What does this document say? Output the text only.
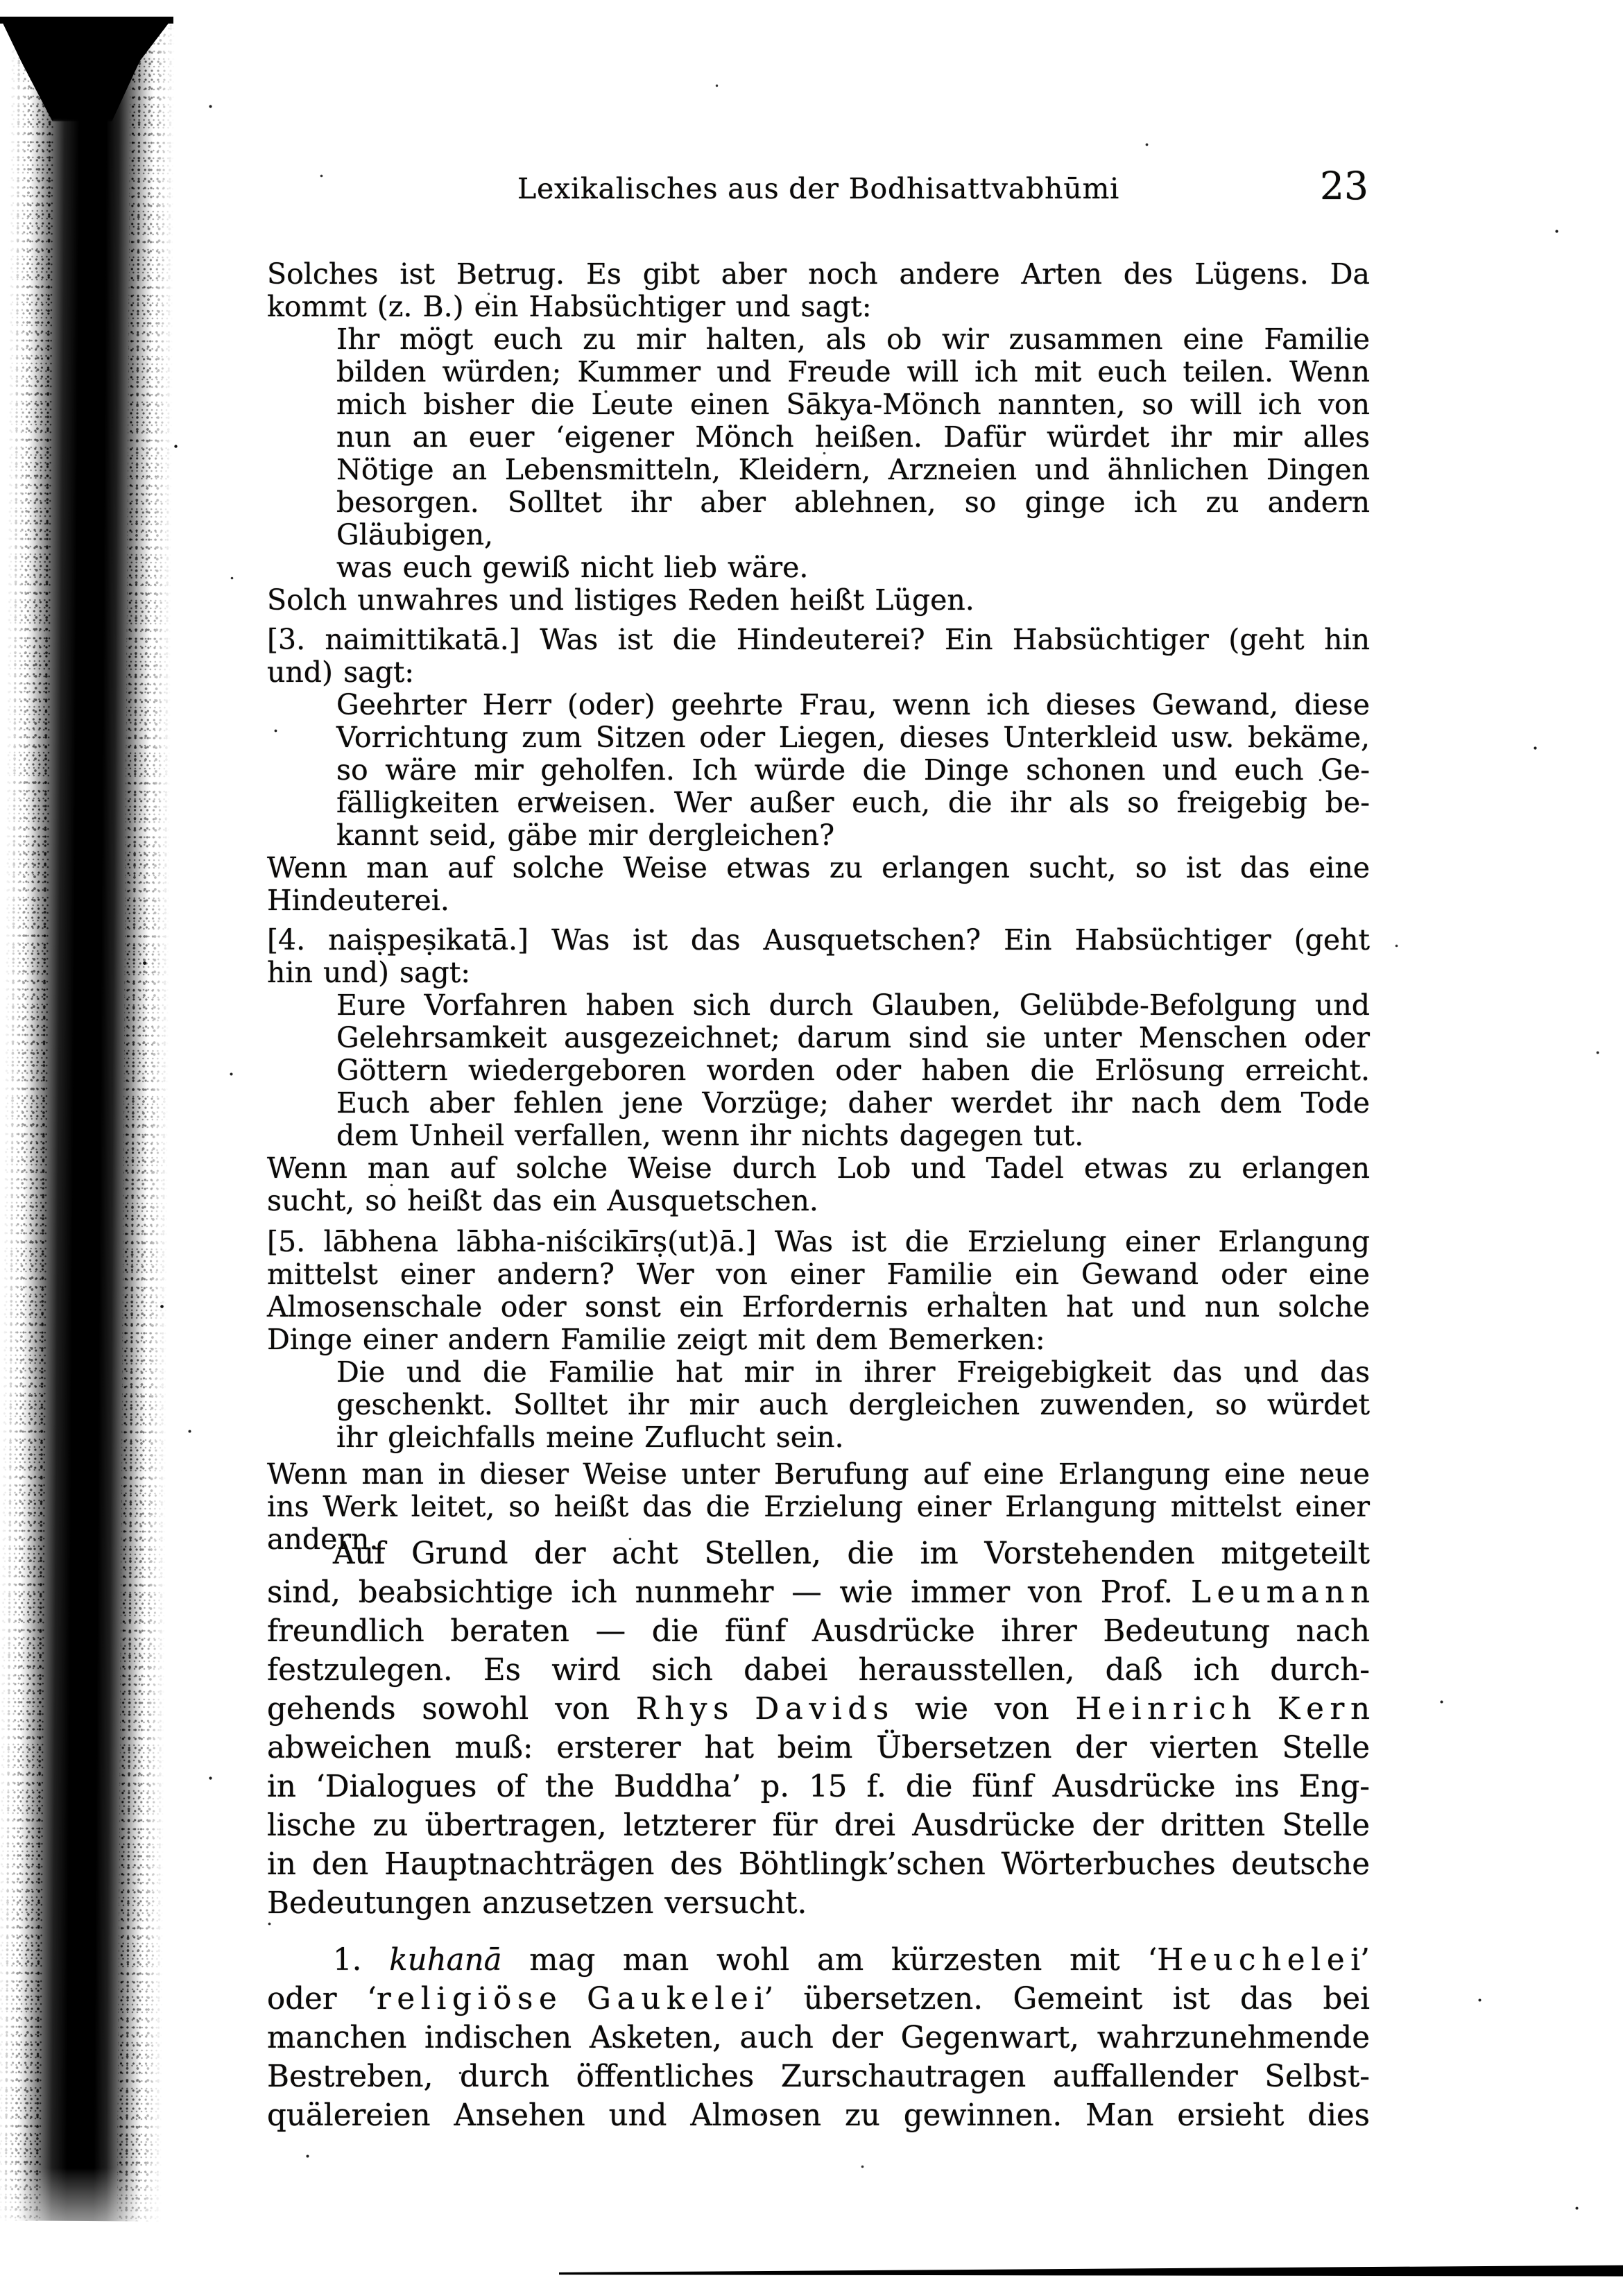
Lexikalisches aus der Bodhisattvabhūmi	23
Solches ist Betrug. Es gibt aber noch andere Arten des Lügens. Da
kommt (z. B.) ein Habsüchtiger und sagt:
Ihr mögt euch zu mir halten, als ob wir zusammen eine Familie
bilden würden; Kummer und Freude will ich mit euch teilen. Wenn
mich bisher die Leute einen Sākya-Mönch nannten, so will ich von
nun an euer ʻeigener Mönch heißen. Dafür würdet ihr mir alles
Nötige an Lebensmitteln, Kleidern, Arzneien und ähnlichen Dingen
besorgen. Solltet ihr aber ablehnen, so ginge ich zu andern Gläubigen,
was euch gewiß nicht lieb wäre.
Solch unwahres und listiges Reden heißt Lügen.
[3. naimittikatā.] Was ist die Hindeuterei? Ein Habsüchtiger (geht hin
und) sagt:
Geehrter Herr (oder) geehrte Frau, wenn ich dieses Gewand, diese
Vorrichtung zum Sitzen oder Liegen, dieses Unterkleid usw. bekäme,
so wäre mir geholfen. Ich würde die Dinge schonen und euch Ge-
fälligkeiten erweisen. Wer außer euch, die ihr als so freigebig be-
kannt seid, gäbe mir dergleichen?
Wenn man auf solche Weise etwas zu erlangen sucht, so ist das eine
Hindeuterei.
[4. naiṣpeṣikatā.] Was ist das Ausquetschen? Ein Habsüchtiger (geht
hin und) sagt:
Eure Vorfahren haben sich durch Glauben, Gelübde-Befolgung und
Gelehrsamkeit ausgezeichnet; darum sind sie unter Menschen oder
Göttern wiedergeboren worden oder haben die Erlösung erreicht.
Euch aber fehlen jene Vorzüge; daher werdet ihr nach dem Tode
dem Unheil verfallen, wenn ihr nichts dagegen tut.
Wenn man auf solche Weise durch Lob und Tadel etwas zu erlangen
sucht, so heißt das ein Ausquetschen.
[5. lābhena lābha-niścikīrṣ(ut)ā.] Was ist die Erzielung einer Erlangung
mittelst einer andern? Wer von einer Familie ein Gewand oder eine
Almosenschale oder sonst ein Erfordernis erhalten hat und nun solche
Dinge einer andern Familie zeigt mit dem Bemerken:
Die und die Familie hat mir in ihrer Freigebigkeit das und das
geschenkt. Solltet ihr mir auch dergleichen zuwenden, so würdet
ihr gleichfalls meine Zuflucht sein.
Wenn man in dieser Weise unter Berufung auf eine Erlangung eine neue
ins Werk leitet, so heißt das die Erzielung einer Erlangung mittelst einer
andern.
Auf Grund der acht Stellen, die im Vorstehenden mitgeteilt
sind, beabsichtige ich nunmehr — wie immer von Prof. L e u m a n n
freundlich beraten — die fünf Ausdrücke ihrer Bedeutung nach
festzulegen. Es wird sich dabei herausstellen, daß ich durch-
gehends sowohl von R h y s D a v i d s wie von H e i n r i c h K e r n
abweichen muß: ersterer hat beim Übersetzen der vierten Stelle
in ‘Dialogues of the Buddha’ p. 15 f. die fünf Ausdrücke ins Eng-
lische zu übertragen, letzterer für drei Ausdrücke der dritten Stelle
in den Hauptnachträgen des Böhtlingk’schen Wörterbuches deutsche
Bedeutungen anzusetzen versucht.
1. kuhanā mag man wohl am kürzesten mit ‘H e u c h e l e i’
oder ‘r e l i g i ö s e G a u k e l e i’ übersetzen. Gemeint ist das bei
manchen indischen Asketen, auch der Gegenwart, wahrzunehmende
Bestreben, durch öffentliches Zurschautragen auffallender Selbst-
quälereien Ansehen und Almosen zu gewinnen. Man ersieht dies
